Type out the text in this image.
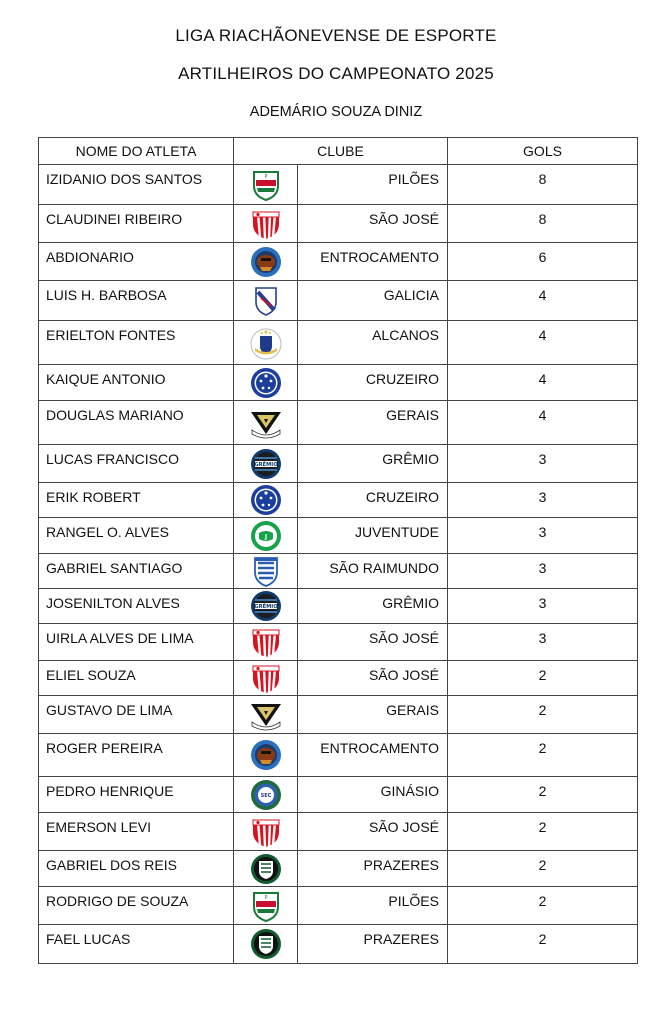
LIGA RIACHÃONEVENSE DE ESPORTE
ARTILHEIROS DO CAMPEONATO 2025
ADEMÁRIO SOUZA DINIZ
NOME DO ATLETA	CLUBE		GOLS
IZIDANIO DOS SANTOS	P	PILÕES	8
CLAUDINEI RIBEIRO		SÃO JOSÉ	8
ABDIONARIO		ENTROCAMENTO	6
LUIS H. BARBOSA		GALICIA	4
ERIELTON FONTES		ALCANOS	4
KAIQUE ANTONIO		CRUZEIRO	4
DOUGLAS MARIANO		GERAIS	4
LUCAS FRANCISCO	GRÊMIO	GRÊMIO	3
ERIK ROBERT		CRUZEIRO	3
RANGEL O. ALVES	J	JUVENTUDE	3
GABRIEL SANTIAGO		SÃO RAIMUNDO	3
JOSENILTON ALVES	GRÊMIO	GRÊMIO	3
UIRLA ALVES DE LIMA		SÃO JOSÉ	3
ELIEL SOUZA		SÃO JOSÉ	2
GUSTAVO DE LIMA		GERAIS	2
ROGER PEREIRA		ENTROCAMENTO	2
PEDRO HENRIQUE	SEC	GINÁSIO	2
EMERSON LEVI		SÃO JOSÉ	2
GABRIEL DOS REIS		PRAZERES	2
RODRIGO DE SOUZA	P	PILÕES	2
FAEL LUCAS		PRAZERES	2
